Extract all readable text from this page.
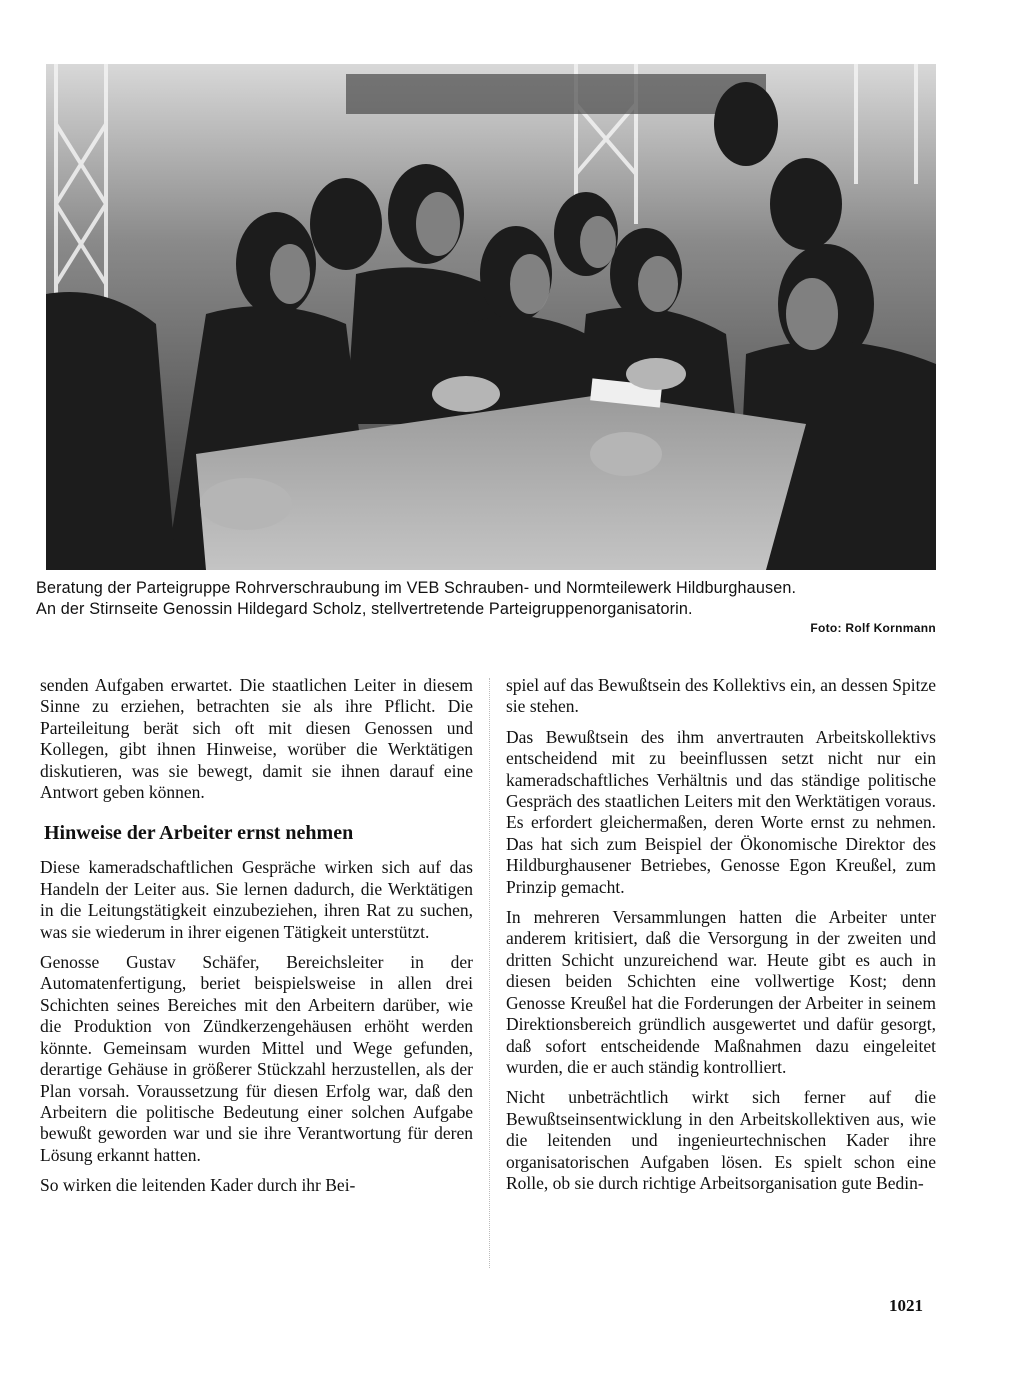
Beratung der Parteigruppe Rohrverschraubung im VEB Schrauben- und Normteilewerk Hildburghausen.

An der Stirnseite Genossin Hildegard Scholz, stellvertretende Parteigruppenorganisatorin.

Foto: Rolf Kornmann

senden Aufgaben erwartet. Die staatlichen Leiter in diesem Sinne zu erziehen, betrachten sie als ihre Pflicht. Die Parteileitung berät sich oft mit diesen Genossen und Kollegen, gibt ihnen Hinweise, worüber die Werktätigen diskutieren, was sie bewegt, damit sie ihnen darauf eine Antwort geben können.

Hinweise der Arbeiter ernst nehmen

Diese kameradschaftlichen Gespräche wirken sich auf das Handeln der Leiter aus. Sie lernen dadurch, die Werktätigen in die Leitungstätigkeit einzubeziehen, ihren Rat zu suchen, was sie wiederum in ihrer eigenen Tätigkeit unterstützt.

Genosse Gustav Schäfer, Bereichsleiter in der Automatenfertigung, beriet beispielsweise in allen drei Schichten seines Bereiches mit den Arbeitern darüber, wie die Produktion von Zündkerzengehäusen erhöht werden könnte. Gemeinsam wurden Mittel und Wege gefunden, derartige Gehäuse in größerer Stückzahl herzustellen, als der Plan vorsah. Voraussetzung für diesen Erfolg war, daß den Arbeitern die politische Bedeutung einer solchen Aufgabe bewußt geworden war und sie ihre Verantwortung für deren Lösung erkannt hatten.

So wirken die leitenden Kader durch ihr Bei-

spiel auf das Bewußtsein des Kollektivs ein, an dessen Spitze sie stehen.

Das Bewußtsein des ihm anvertrauten Arbeitskollektivs entscheidend mit zu beeinflussen setzt nicht nur ein kameradschaftliches Verhältnis und das ständige politische Gespräch des staatlichen Leiters mit den Werktätigen voraus. Es erfordert gleichermaßen, deren Worte ernst zu nehmen. Das hat sich zum Beispiel der Ökonomische Direktor des Hildburghausener Betriebes, Genosse Egon Kreußel, zum Prinzip gemacht.

In mehreren Versammlungen hatten die Arbeiter unter anderem kritisiert, daß die Versorgung in der zweiten und dritten Schicht unzureichend war. Heute gibt es auch in diesen beiden Schichten eine vollwertige Kost; denn Genosse Kreußel hat die Forderungen der Arbeiter in seinem Direktionsbereich gründlich ausgewertet und dafür gesorgt, daß sofort entscheidende Maßnahmen dazu eingeleitet wurden, die er auch ständig kontrolliert.

Nicht unbeträchtlich wirkt sich ferner auf die Bewußtseinsentwicklung in den Arbeitskollektiven aus, wie die leitenden und ingenieurtechnischen Kader ihre organisatorischen Aufgaben lösen. Es spielt schon eine Rolle, ob sie durch richtige Arbeitsorganisation gute Bedin-

1021
